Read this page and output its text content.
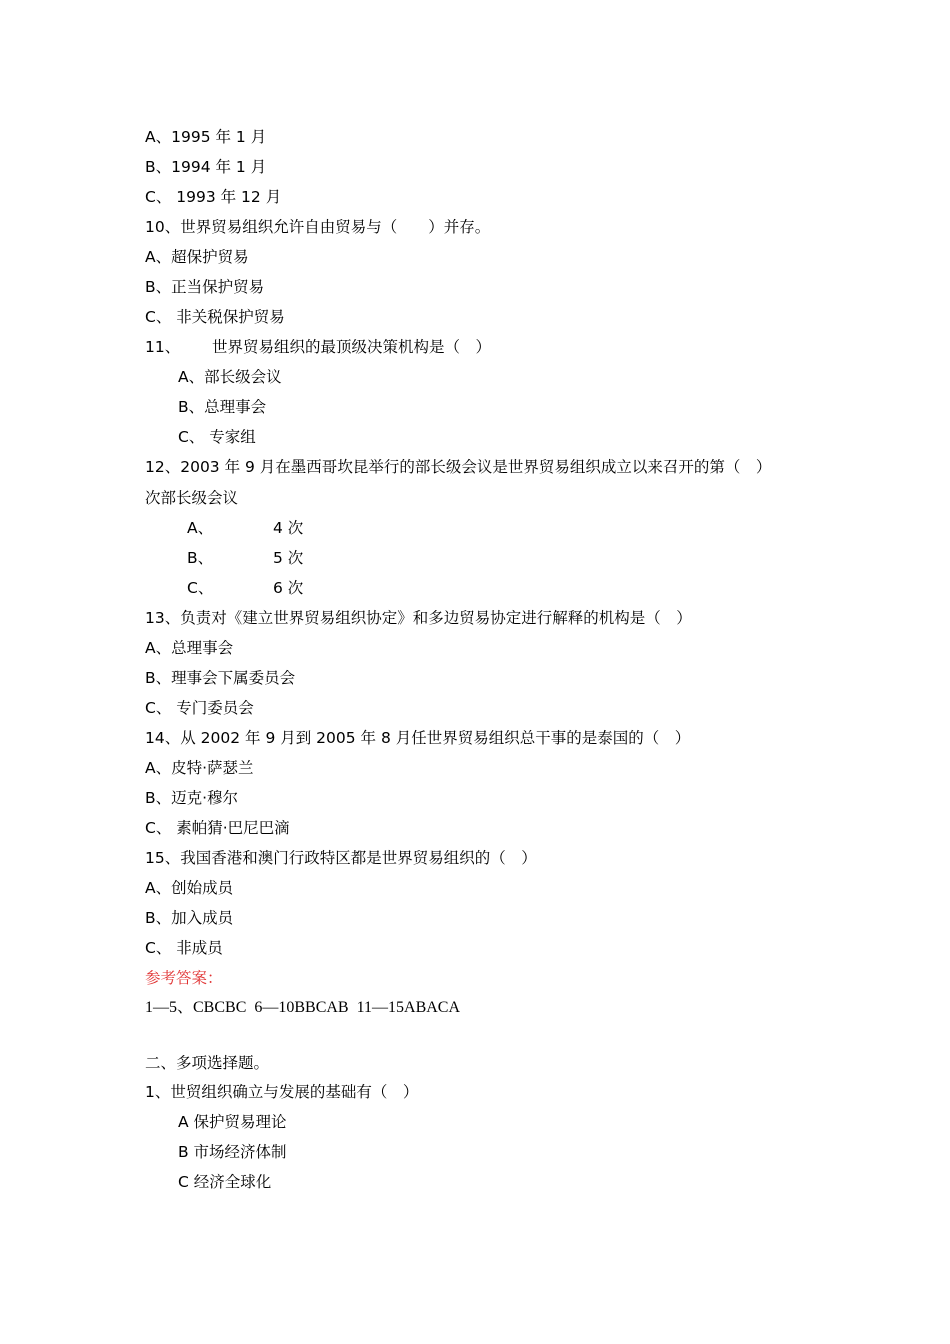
A、1995 年 1 月
B、1994 年 1 月
C、 1993 年 12 月
10、世界贸易组织允许自由贸易与（　　）并存。
A、超保护贸易
B、正当保护贸易
C、 非关税保护贸易
11、 世界贸易组织的最顶级决策机构是（　）
A、部长级会议
B、总理事会
C、 专家组
12、2003 年 9 月在墨西哥坎昆举行的部长级会议是世界贸易组织成立以来召开的第（　）
次部长级会议
A、	4 次
B、	5 次
C、	6 次
13、负责对《建立世界贸易组织协定》和多边贸易协定进行解释的机构是（　）
A、总理事会
B、理事会下属委员会
C、 专门委员会
14、从 2002 年 9 月到 2005 年 8 月任世界贸易组织总干事的是泰国的（　）
A、皮特·萨瑟兰
B、迈克·穆尔
C、 素帕猜·巴尼巴滴
15、我国香港和澳门行政特区都是世界贸易组织的（　）
A、创始成员
B、加入成员
C、 非成员
参考答案：
1—5、CBCBC  6—10BBCAB  11—15ABACA
二、多项选择题。
1、世贸组织确立与发展的基础有（　）
A 保护贸易理论
B 市场经济体制
C 经济全球化
